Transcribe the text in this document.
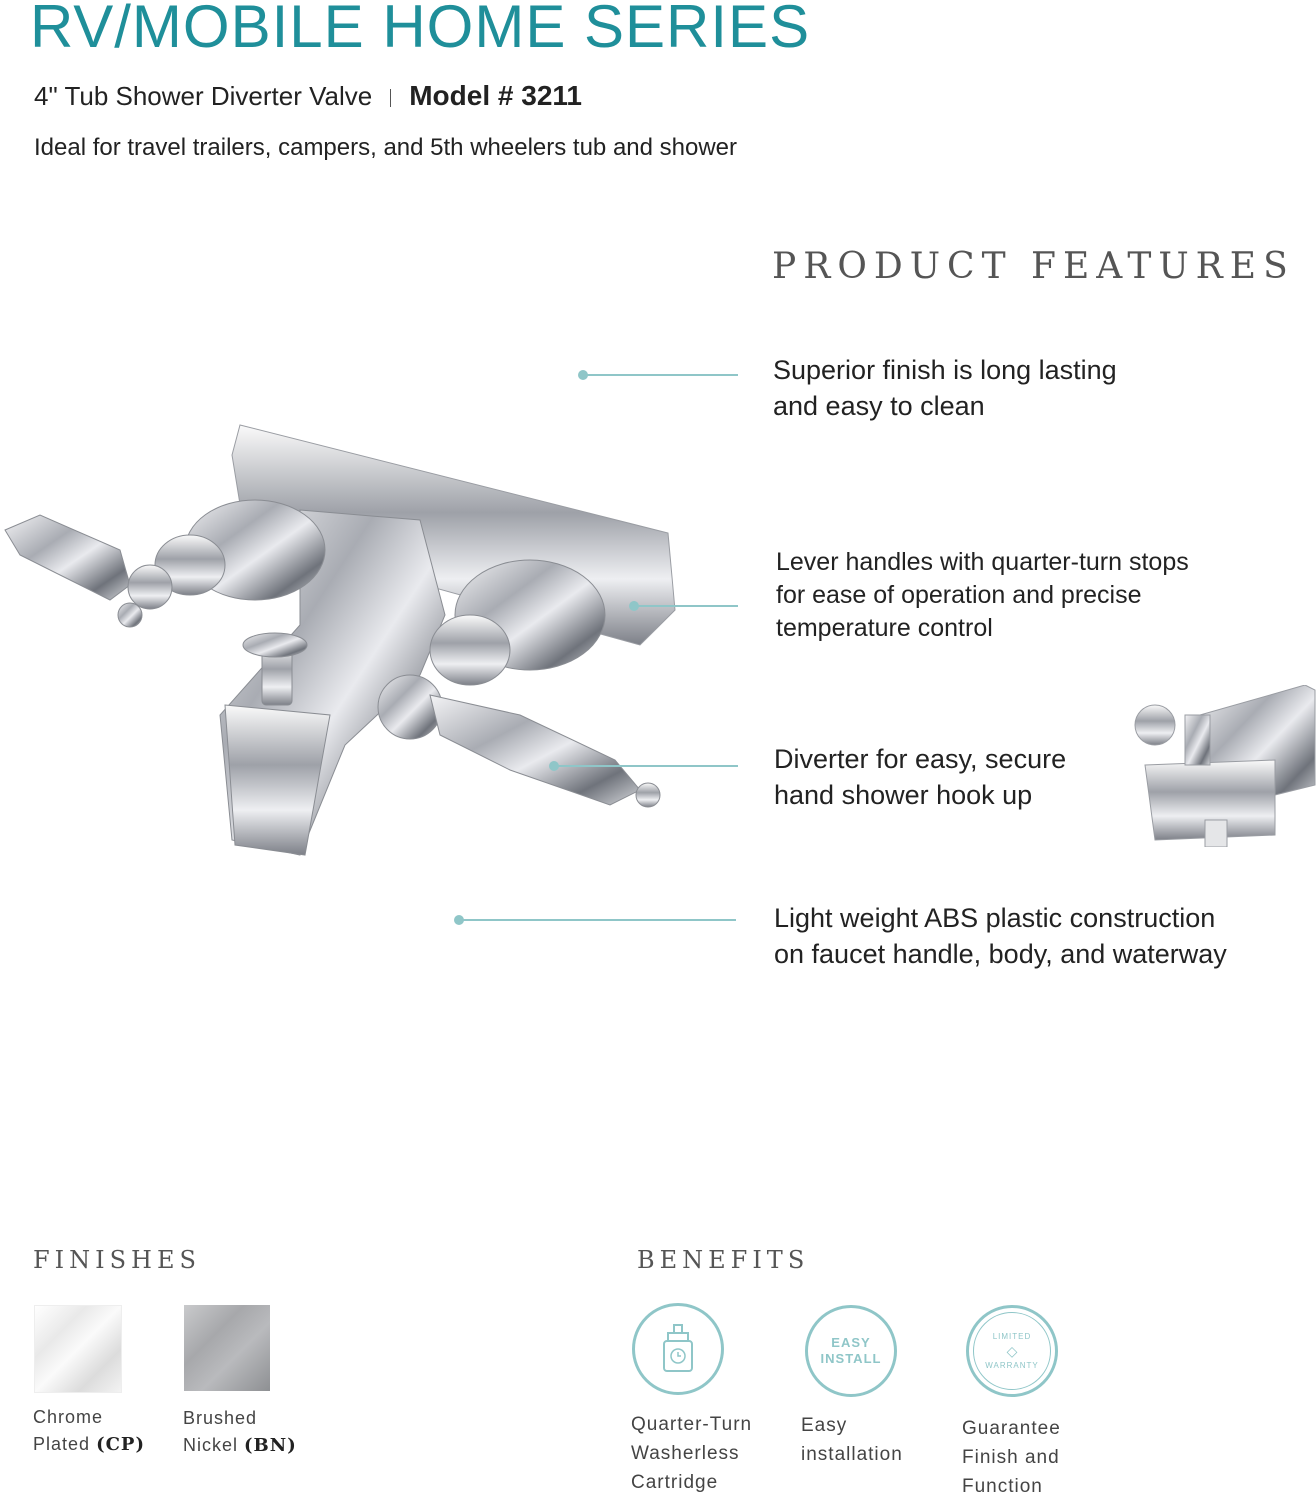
RV/MOBILE HOME SERIES
4" Tub Shower Diverter Valve Model # 3211
Ideal for travel trailers, campers, and 5th wheelers tub and shower
PRODUCT FEATURES
Superior finish is long lasting
and easy to clean
Lever handles with quarter-turn stops
for ease of operation and precise
temperature control
Diverter for easy, secure
hand shower hook up
Light weight ABS plastic construction
on faucet handle, body, and waterway
FINISHES
Chrome
Plated (CP)
Brushed
Nickel (BN)
BENEFITS
Quarter-Turn
Washerless
Cartridge
EASY
INSTALL
Easy
installation
LIMITED
◇
WARRANTY
Guarantee
Finish and
Function
